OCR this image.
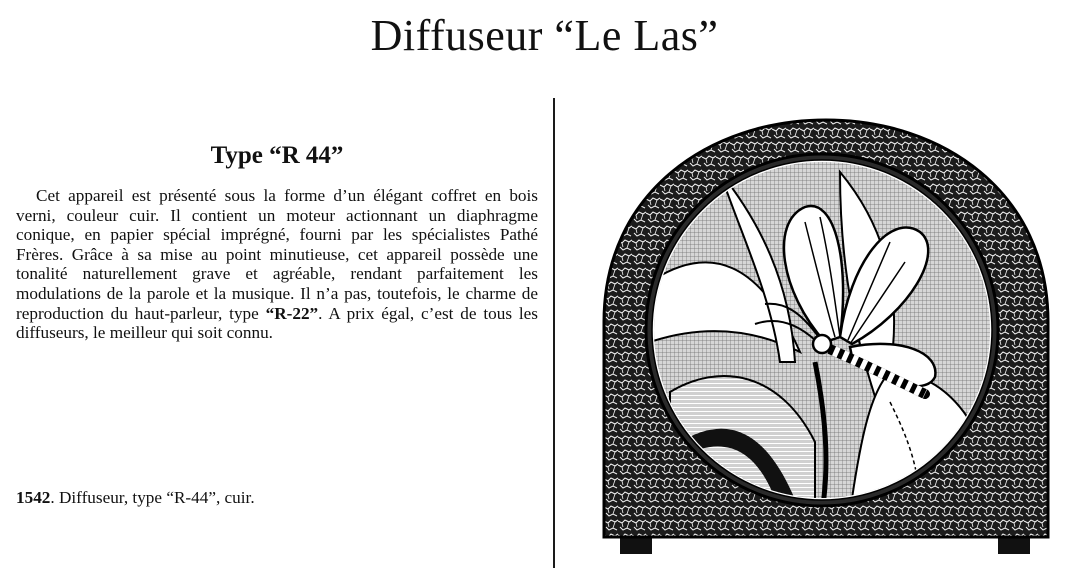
Diffuseur “Le Las”
Type “R 44”

Cet appareil est présenté sous la forme d’un élégant coffret en bois verni, couleur cuir. Il contient un moteur actionnant un diaphragme conique, en papier spécial imprégné, fourni par les spécialistes Pathé Frères. Grâce à sa mise au point minutieuse, cet appareil possède une tonalité naturellement grave et agréable, rendant parfaitement les modulations de la parole et la musique. Il n’a pas, toutefois, le charme de reproduction du haut-parleur, type “R-22”. A prix égal, c’est de tous les diffuseurs, le meilleur qui soit connu.

1542. Diffuseur, type “R-44”, cuir.
